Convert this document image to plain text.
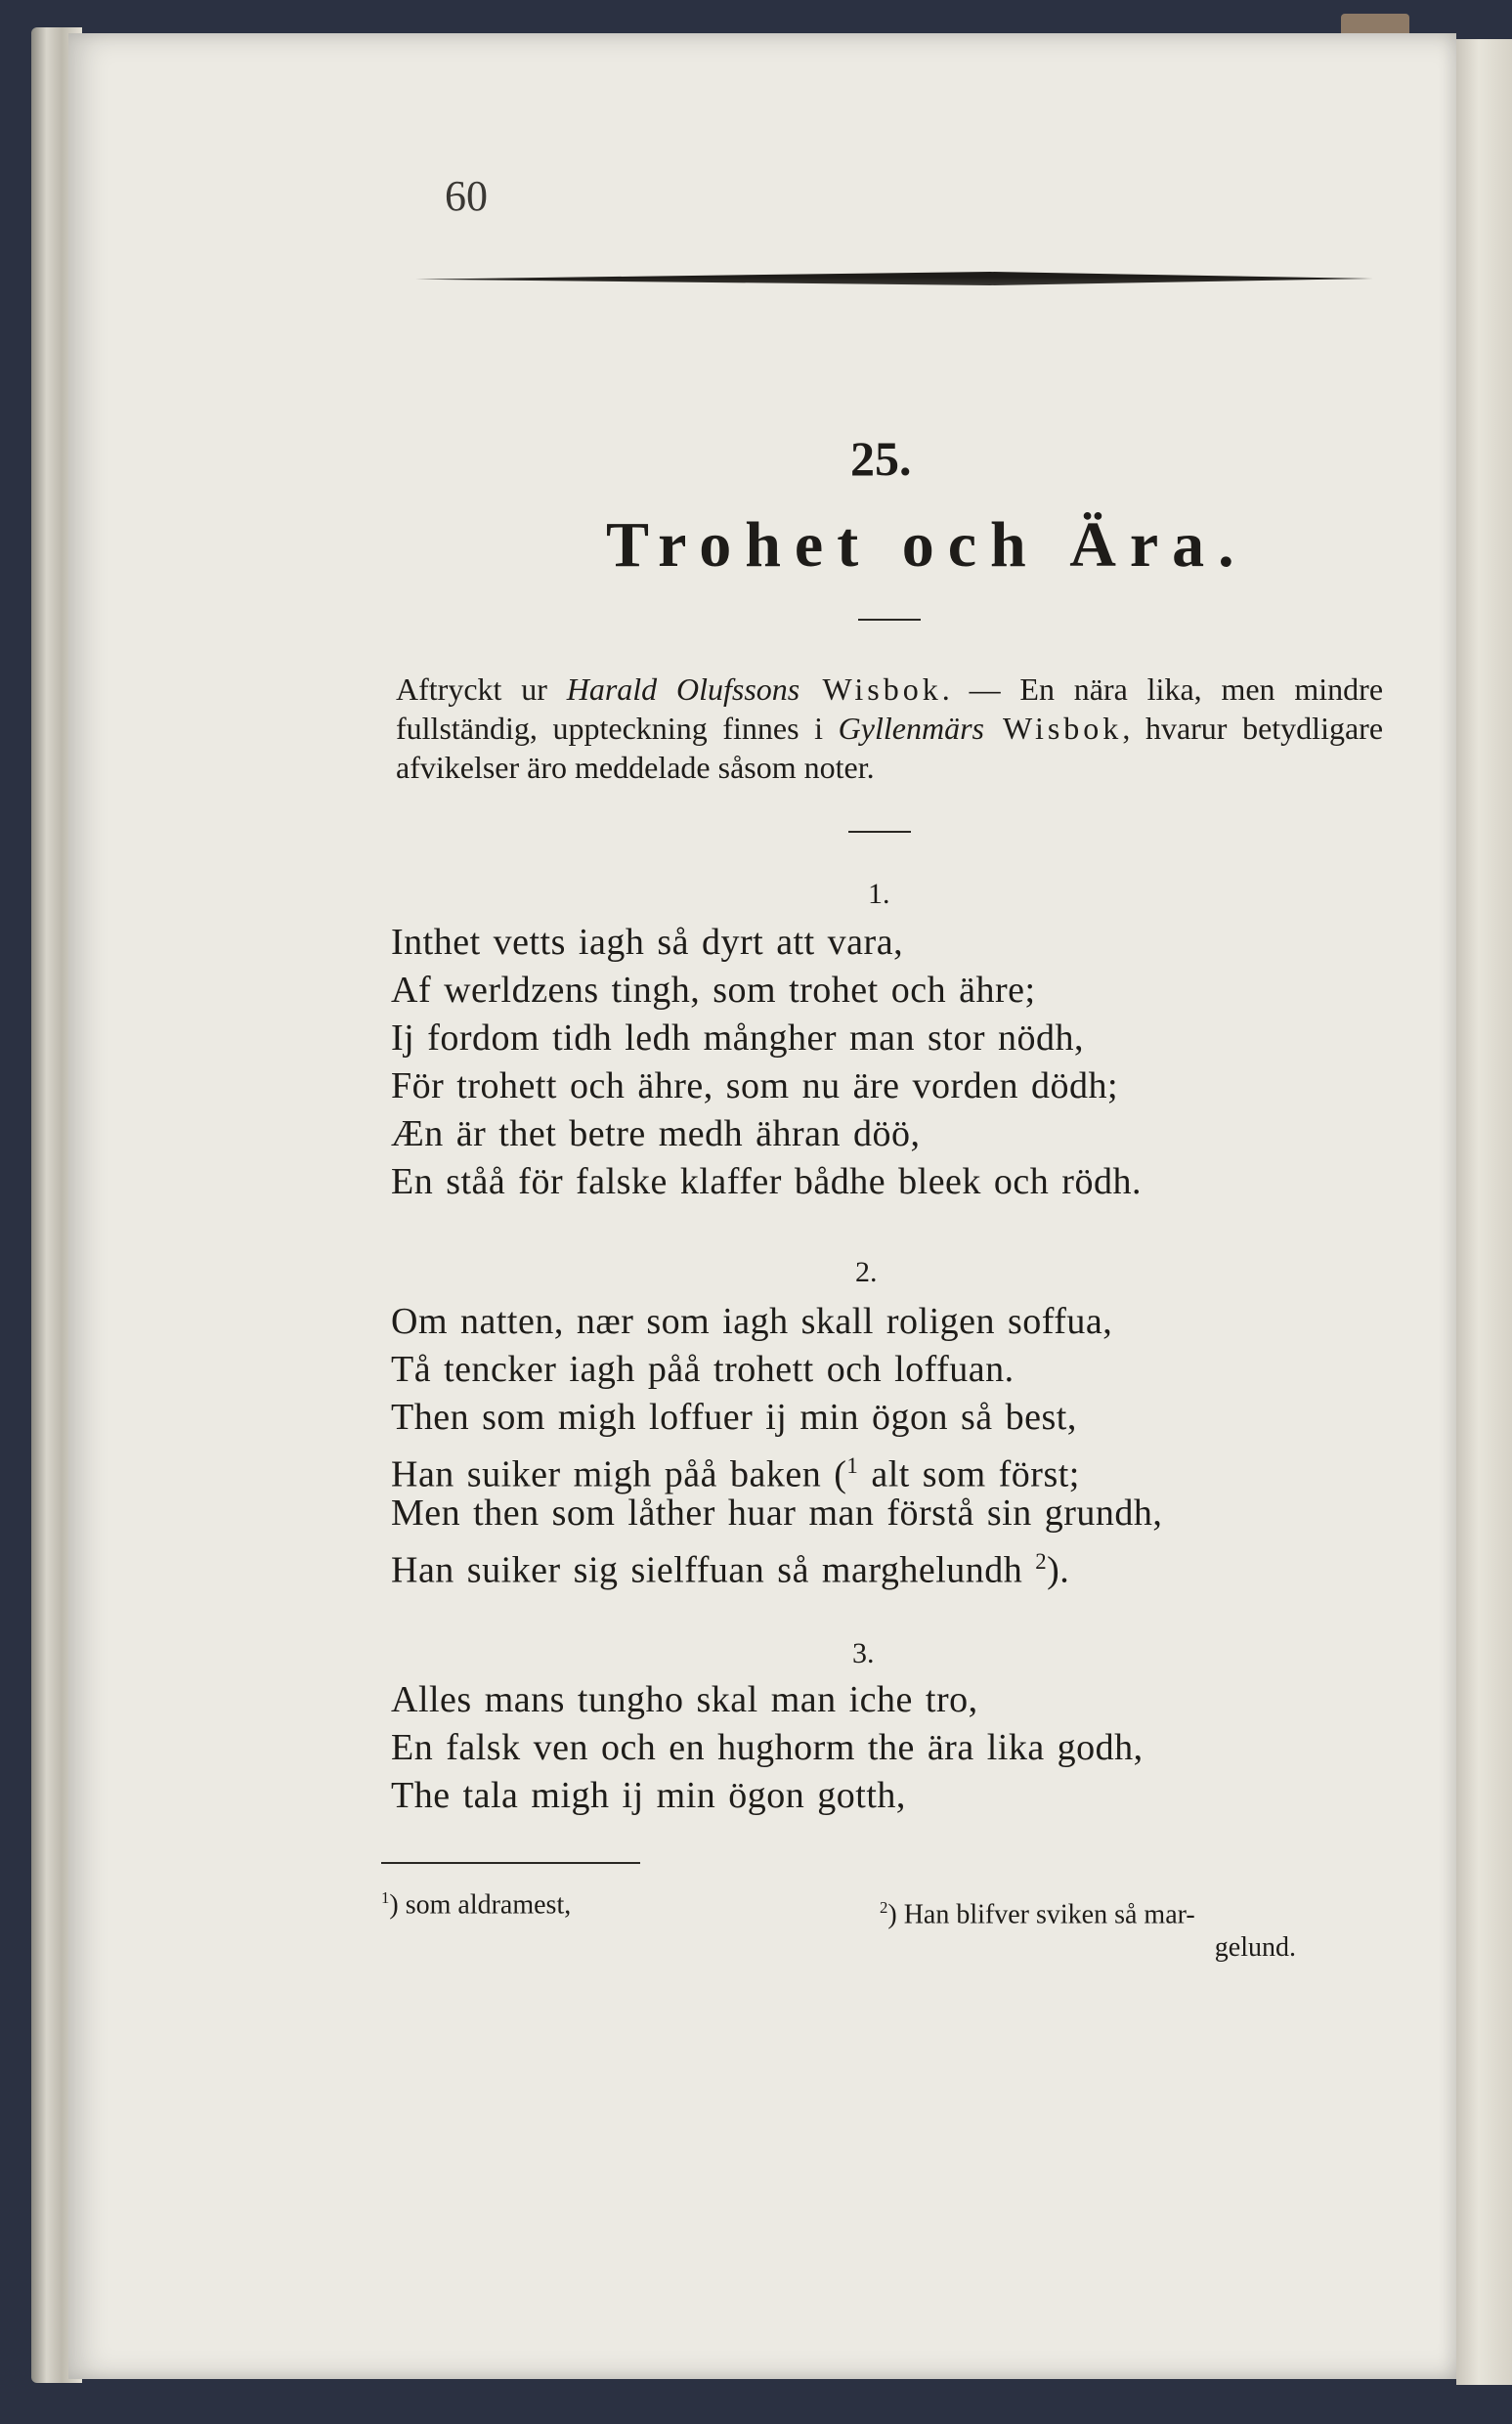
60
25.
Trohet och Ära.
Aftryckt ur Harald Olufssons Wisbok. — En nära lika, men mindre fullständig, uppteckning finnes i Gyllenmärs Wisbok, hvarur betydligare afvikelser äro meddelade såsom noter.
1.
Inthet vetts iagh så dyrt att vara,
Af werldzens tingh, som trohet och ähre;
Ij fordom tidh ledh mångher man stor nödh,
För trohett och ähre, som nu äre vorden dödh;
Æn är thet betre medh ähran döö,
En ståå för falske klaffer bådhe bleek och rödh.
2.
Om natten, nær som iagh skall roligen soffua,
Tå tencker iagh påå trohett och loffuan.
Then som migh loffuer ij min ögon så best,
Han suiker migh påå baken ($^1$ alt som först;
Men then som låther huar man förstå sin grundh,
Han suiker sig sielffuan så marghelundh $^2$).
3.
Alles mans tungho skal man iche tro,
En falsk ven och en hughorm the ära lika godh,
The tala migh ij min ögon gotth,
$^1$) som aldramest,	$^2$) Han blifver sviken så mar-
gelund.
